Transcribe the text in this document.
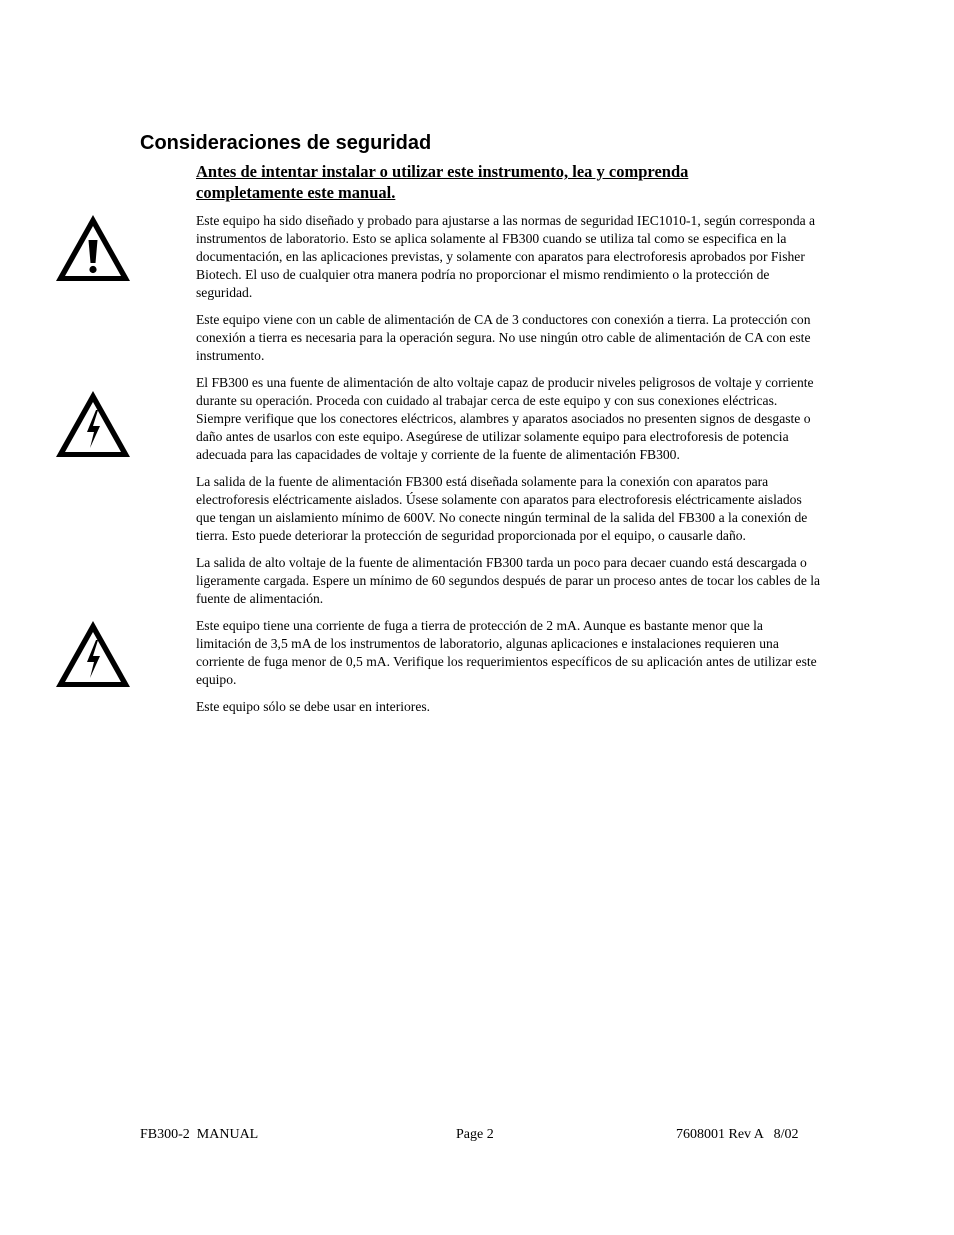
Consideraciones de seguridad
Antes de intentar instalar o utilizar este instrumento, lea y comprenda completamente este manual.

Este equipo ha sido diseñado y probado para ajustarse a las normas de seguridad IEC1010-1, según corresponda a instrumentos de laboratorio. Esto se aplica solamente al FB300 cuando se utiliza tal como se especifica en la documentación, en las aplicaciones previstas, y solamente con aparatos para electroforesis aprobados por Fisher Biotech. El uso de cualquier otra manera podría no proporcionar el mismo rendimiento o la protección de seguridad.

Este equipo viene con un cable de alimentación de CA de 3 conductores con conexión a tierra. La protección con conexión a tierra es necesaria para la operación segura. No use ningún otro cable de alimentación de CA con este instrumento.

El FB300 es una fuente de alimentación de alto voltaje capaz de producir niveles peligrosos de voltaje y corriente durante su operación. Proceda con cuidado al trabajar cerca de este equipo y con sus conexiones eléctricas. Siempre verifique que los conectores eléctricos, alambres y aparatos asociados no presenten signos de desgaste o daño antes de usarlos con este equipo. Asegúrese de utilizar solamente equipo para electroforesis de potencia adecuada para las capacidades de voltaje y corriente de la fuente de alimentación FB300.

La salida de la fuente de alimentación FB300 está diseñada solamente para la conexión con aparatos para electroforesis eléctricamente aislados. Úsese solamente con aparatos para electroforesis eléctricamente aislados que tengan un aislamiento mínimo de 600V. No conecte ningún terminal de la salida del FB300 a la conexión de tierra. Esto puede deteriorar la protección de seguridad proporcionada por el equipo, o causarle daño.

La salida de alto voltaje de la fuente de alimentación FB300 tarda un poco para decaer cuando está descargada o ligeramente cargada. Espere un mínimo de 60 segundos después de parar un proceso antes de tocar los cables de la fuente de alimentación.

Este equipo tiene una corriente de fuga a tierra de protección de 2 mA. Aunque es bastante menor que la limitación de 3,5 mA de los instrumentos de laboratorio, algunas aplicaciones e instalaciones requieren una corriente de fuga menor de 0,5 mA. Verifique los requerimientos específicos de su aplicación antes de utilizar este equipo.

Este equipo sólo se debe usar en interiores.

FB300-2  MANUAL	Page 2	7608001 Rev A   8/02
